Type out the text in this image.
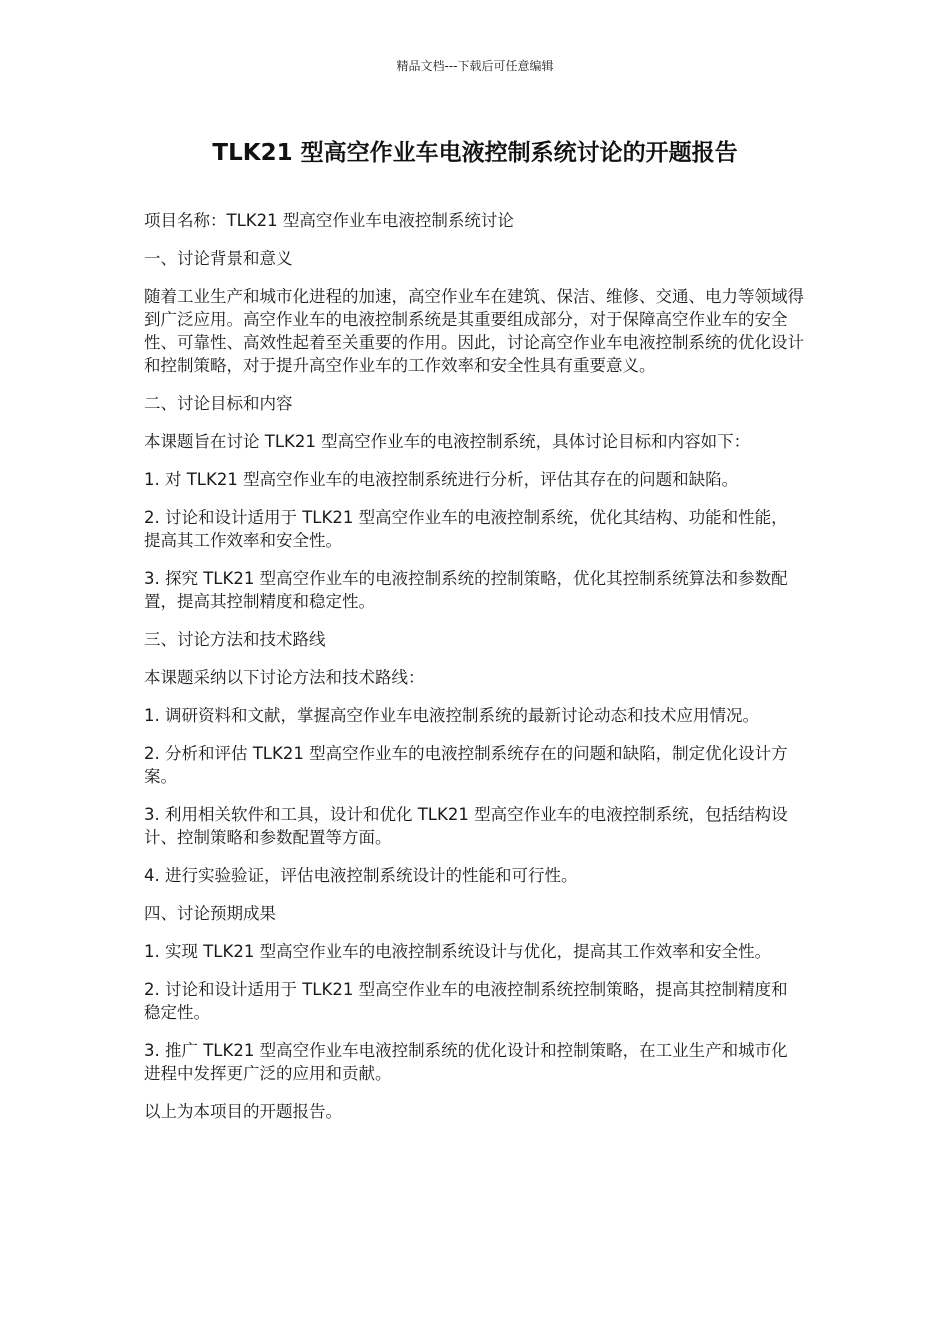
精品文档---下载后可任意编辑
TLK21 型高空作业车电液控制系统讨论的开题报告

项目名称：TLK21 型高空作业车电液控制系统讨论

一、讨论背景和意义

随着工业生产和城市化进程的加速，高空作业车在建筑、保洁、维修、交通、电力等领域得到广泛应用。高空作业车的电液控制系统是其重要组成部分，对于保障高空作业车的安全性、可靠性、高效性起着至关重要的作用。因此，讨论高空作业车电液控制系统的优化设计和控制策略，对于提升高空作业车的工作效率和安全性具有重要意义。

二、讨论目标和内容

本课题旨在讨论 TLK21 型高空作业车的电液控制系统，具体讨论目标和内容如下：

1. 对 TLK21 型高空作业车的电液控制系统进行分析，评估其存在的问题和缺陷。

2. 讨论和设计适用于 TLK21 型高空作业车的电液控制系统，优化其结构、功能和性能，提高其工作效率和安全性。

3. 探究 TLK21 型高空作业车的电液控制系统的控制策略，优化其控制系统算法和参数配置，提高其控制精度和稳定性。

三、讨论方法和技术路线

本课题采纳以下讨论方法和技术路线：

1. 调研资料和文献，掌握高空作业车电液控制系统的最新讨论动态和技术应用情况。

2. 分析和评估 TLK21 型高空作业车的电液控制系统存在的问题和缺陷，制定优化设计方案。

3. 利用相关软件和工具，设计和优化 TLK21 型高空作业车的电液控制系统，包括结构设计、控制策略和参数配置等方面。

4. 进行实验验证，评估电液控制系统设计的性能和可行性。

四、讨论预期成果

1. 实现 TLK21 型高空作业车的电液控制系统设计与优化，提高其工作效率和安全性。

2. 讨论和设计适用于 TLK21 型高空作业车的电液控制系统控制策略，提高其控制精度和稳定性。

3. 推广 TLK21 型高空作业车电液控制系统的优化设计和控制策略，在工业生产和城市化进程中发挥更广泛的应用和贡献。

以上为本项目的开题报告。
